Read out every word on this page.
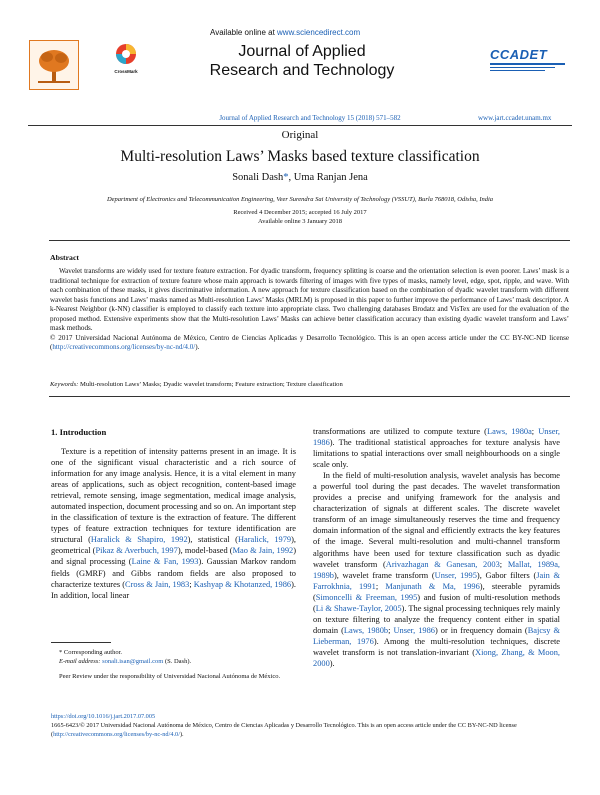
Available online at www.sciencedirect.com
CrossMark
Journal of Applied Research and Technology
CCADET
Journal of Applied Research and Technology 15 (2018) 571–582	www.jart.ccadet.unam.mx
Original
Multi-resolution Laws’ Masks based texture classification
Sonali Dash*, Uma Ranjan Jena
Department of Electronics and Telecommunication Engineering, Veer Surendra Sai University of Technology (VSSUT), Burla 768018, Odisha, India
Received 4 December 2015; accepted 16 July 2017
Available online 3 January 2018
Abstract

Wavelet transforms are widely used for texture feature extraction. For dyadic transform, frequency splitting is coarse and the orientation selection is even poorer. Laws’ mask is a traditional technique for extraction of texture feature whose main approach is towards filtering of images with five types of masks, namely level, edge, spot, ripple, and wave. With each combination of these masks, it gives discriminative information. A new approach for texture classification based on the combination of dyadic wavelet transform with different wavelet basis functions and Laws’ masks named as Multi-resolution Laws’ Masks (MRLM) is proposed in this paper to further improve the performance of Laws’ mask descriptor. A k-Nearest Neighbor (k-NN) classifier is employed to classify each texture into appropriate class. Two challenging databases Brodatz and VisTex are used for the evaluation of the proposed method. Extensive experiments show that the Multi-resolution Laws’ Masks can achieve better classification accuracy than existing dyadic wavelet transform and Laws’ mask methods.

© 2017 Universidad Nacional Autónoma de México, Centro de Ciencias Aplicadas y Desarrollo Tecnológico. This is an open access article under the CC BY-NC-ND license (http://creativecommons.org/licenses/by-nc-nd/4.0/).

Keywords: Multi-resolution Laws’ Masks; Dyadic wavelet transform; Feature extraction; Texture classification
1. Introduction

Texture is a repetition of intensity patterns present in an image. It is one of the significant visual characteristic and a rich source of information for any image analysis. Hence, it is a vital element in many areas of applications, such as object recognition, content-based image retrieval, remote sensing, image segmentation, medical image analysis, automated inspection, document processing and so on. An important step in the classification of texture is the extraction of feature. The different types of feature extraction techniques for texture identification are structural (Haralick & Shapiro, 1992), statistical (Haralick, 1979), geometrical (Pikaz & Averbuch, 1997), model-based (Mao & Jain, 1992) and signal processing (Laine & Fan, 1993). Gaussian Markov random fields (GMRF) and Gibbs random fields are also proposed to characterize textures (Cross & Jain, 1983; Kashyap & Khotanzed, 1986). In addition, local linear

* Corresponding author.
E-mail address: sonali.isan@gmail.com (S. Dash).
Peer Review under the responsibility of Universidad Nacional Autónoma de México.

transformations are utilized to compute texture (Laws, 1980a; Unser, 1986). The traditional statistical approaches for texture analysis have limitations to spatial interactions over small neighbourhoods on a single scale only.

In the field of multi-resolution analysis, wavelet analysis has become a powerful tool during the past decades. The wavelet transformation provides a precise and unifying framework for the analysis and characterization of signals at different scales. The discrete wavelet transform of an image simultaneously reserves the time and frequency domain information of the signal and efficiently extracts the key features of the image. Several multi-resolution and multi-channel transform algorithms have been used for texture classification such as dyadic wavelet transform (Arivazhagan & Ganesan, 2003; Mallat, 1989a, 1989b), wavelet frame transform (Unser, 1995), Gabor filters (Jain & Farrokhnia, 1991; Manjunath & Ma, 1996), steerable pyramids (Simoncelli & Freeman, 1995) and fusion of multi-resolution methods (Li & Shawe-Taylor, 2005). The signal processing techniques rely mainly on texture filtering to analyze the frequency content either in spatial domain (Laws, 1980b; Unser, 1986) or in frequency domain (Bajcsy & Lieberman, 1976). Among the multi-resolution techniques, discrete wavelet transform is not translation-invariant (Xiong, Zhang, & Moon, 2000).

https://doi.org/10.1016/j.jart.2017.07.005
1665-6423/© 2017 Universidad Nacional Autónoma de México, Centro de Ciencias Aplicadas y Desarrollo Tecnológico. This is an open access article under the CC BY-NC-ND license (http://creativecommons.org/licenses/by-nc-nd/4.0/).
